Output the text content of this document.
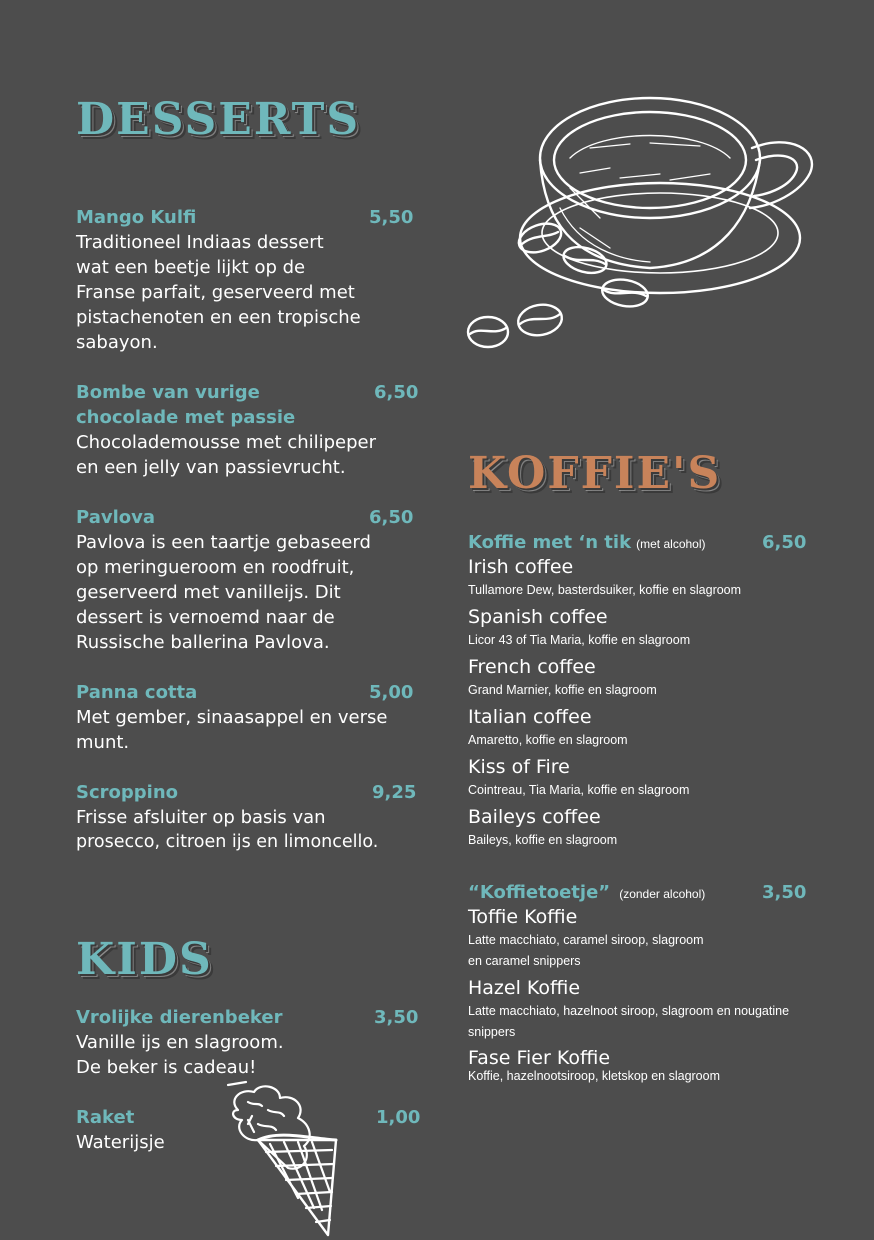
DESSERTS
Mango Kulfi	5,50
Traditioneel Indiaas dessert
wat een beetje lijkt op de
Franse parfait, geserveerd met
pistachenoten en een tropische
sabayon.
Bombe van vurige
chocolade met passie
6,50
Chocolademousse met chilipeper
en een jelly van passievrucht.
Pavlova	6,50
Pavlova is een taartje gebaseerd
op meringueroom en roodfruit,
geserveerd met vanilleijs. Dit
dessert is vernoemd naar de
Russische ballerina Pavlova.
Panna cotta	5,00
Met gember, sinaasappel en verse
munt.
Scroppino	9,25
Frisse afsluiter op basis van
prosecco, citroen ijs en limoncello.
KIDS
Vrolijke dierenbeker	3,50
Vanille ijs en slagroom.
De beker is cadeau!
Raket	1,00
Waterijsje
KOFFIE'S
Koffie met ‘n tik (met alcohol)	6,50
Irish coffee
Tullamore Dew, basterdsuiker, koffie en slagroom
Spanish coffee
Licor 43 of Tia Maria, koffie en slagroom
French coffee
Grand Marnier, koffie en slagroom
Italian coffee
Amaretto, koffie en slagroom
Kiss of Fire
Cointreau, Tia Maria, koffie en slagroom
Baileys coffee
Baileys, koffie en slagroom
“Koffietoetje” (zonder alcohol)	3,50
Toffie Koffie
Latte macchiato, caramel siroop, slagroom
en caramel snippers
Hazel Koffie
Latte macchiato, hazelnoot siroop, slagroom en nougatine
snippers
Fase Fier Koffie
Koffie, hazelnootsiroop, kletskop en slagroom
